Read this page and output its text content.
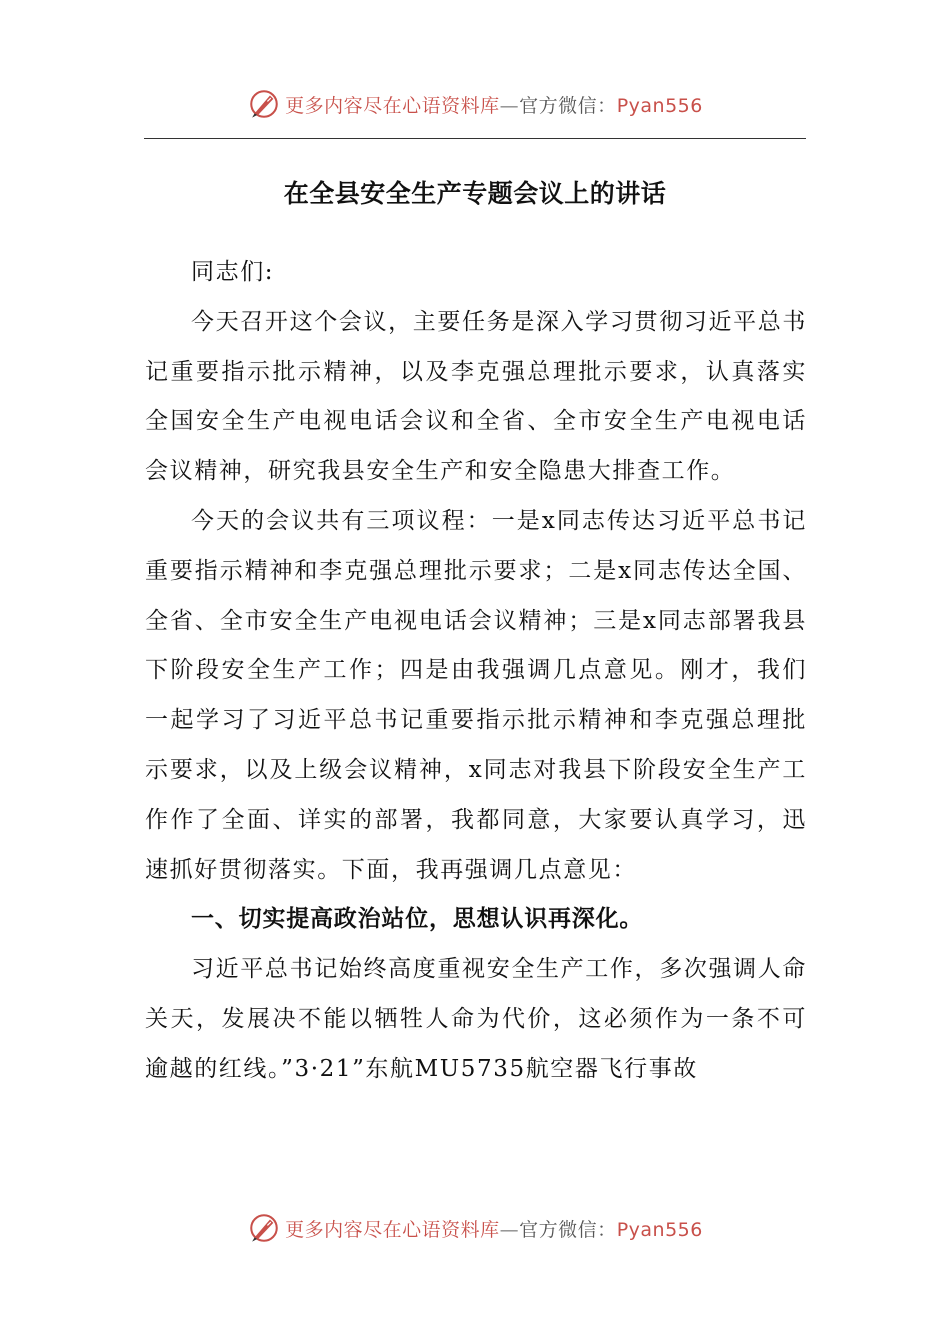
更多内容尽在心语资料库—官方微信：Pyan556
在全县安全生产专题会议上的讲话

同志们:

今天召开这个会议，主要任务是深入学习贯彻习近平总书记重要指示批示精神，以及李克强总理批示要求，认真落实全国安全生产电视电话会议和全省、全市安全生产电视电话会议精神，研究我县安全生产和安全隐患大排查工作。

今天的会议共有三项议程：一是x同志传达习近平总书记重要指示精神和李克强总理批示要求；二是x同志传达全国、全省、全市安全生产电视电话会议精神；三是x同志部署我县下阶段安全生产工作；四是由我强调几点意见。刚才，我们一起学习了习近平总书记重要指示批示精神和李克强总理批示要求，以及上级会议精神，x同志对我县下阶段安全生产工作作了全面、详实的部署，我都同意，大家要认真学习，迅速抓好贯彻落实。下面，我再强调几点意见：

一、切实提高政治站位，思想认识再深化。

习近平总书记始终高度重视安全生产工作，多次强调人命关天，发展决不能以牺牲人命为代价，这必须作为一条不可逾越的红线。”3·21”东航MU5735航空器飞行事故

更多内容尽在心语资料库—官方微信：Pyan556
